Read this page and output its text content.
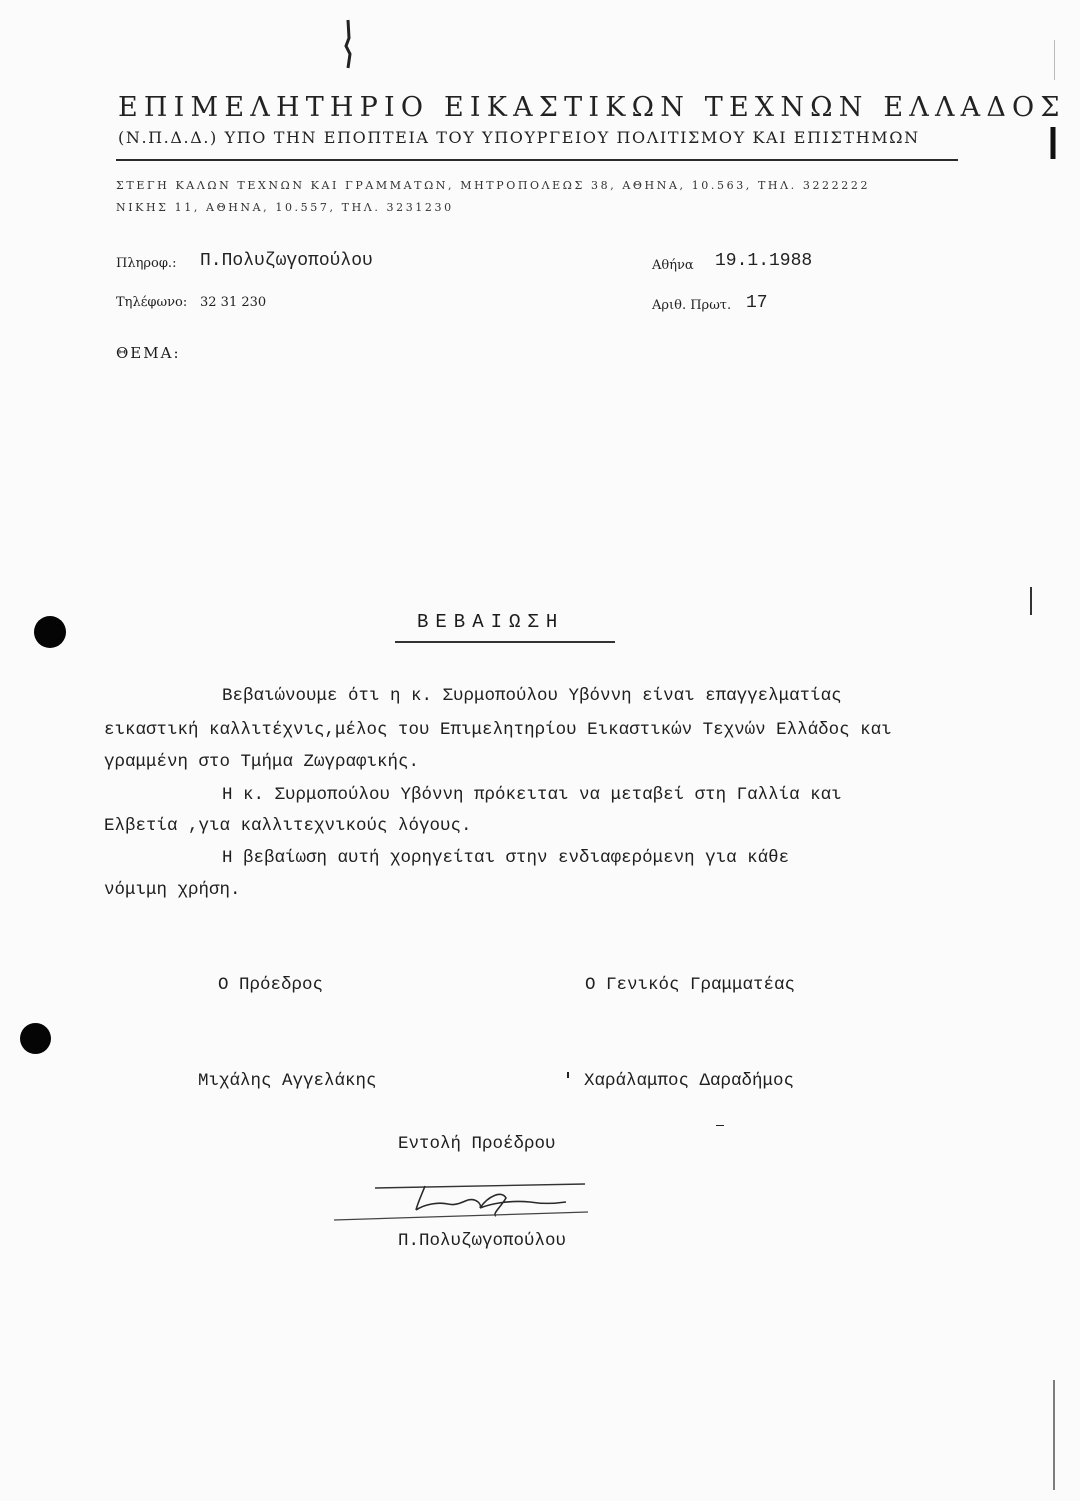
ΕΠΙΜΕΛΗΤΗΡΙΟ ΕΙΚΑΣΤΙΚΩΝ ΤΕΧΝΩΝ ΕΛΛΑΔΟΣ
(Ν.Π.Δ.Δ.) ΥΠΟ ΤΗΝ ΕΠΟΠΤΕΙΑ ΤΟΥ ΥΠΟΥΡΓΕΙΟΥ ΠΟΛΙΤΙΣΜΟΥ ΚΑΙ ΕΠΙΣΤΗΜΩΝ
ΣΤΕΓΗ ΚΑΛΩΝ ΤΕΧΝΩΝ ΚΑΙ ΓΡΑΜΜΑΤΩΝ, ΜΗΤΡΟΠΟΛΕΩΣ 38, ΑΘΗΝΑ, 10.563, ΤΗΛ. 3222222
ΝΙΚΗΣ 11, ΑΘΗΝΑ, 10.557, ΤΗΛ. 3231230
Πληροφ.: Π.Πολυζωγοπούλου
Τηλέφωνο: 32 31 230
Αθήνα 19.1.1988
Αριθ. Πρωτ. 17
ΘΕΜΑ:
ΒΕΒΑΙΩΣΗ
Βεβαιώνουμε ότι η κ. Συρμοπούλου Υβόννη είναι επαγγελματίας
εικαστική καλλιτέχνις,μέλος του Επιμελητηρίου Εικαστικών Τεχνών Ελλάδος και
γραμμένη στο Τμήμα Ζωγραφικής.
Η κ. Συρμοπούλου Υβόννη πρόκειται να μεταβεί στη Γαλλία και
Ελβετία ,για καλλιτεχνικούς λόγους.
Η βεβαίωση αυτή χορηγείται στην ενδιαφερόμενη για κάθε
νόμιμη χρήση.
Ο Πρόεδρος	Ο Γενικός Γραμματέας
Μιχάλης Αγγελάκης	Χαράλαμπος Δαραδήμος
Εντολή Προέδρου
Π.Πολυζωγοπούλου
